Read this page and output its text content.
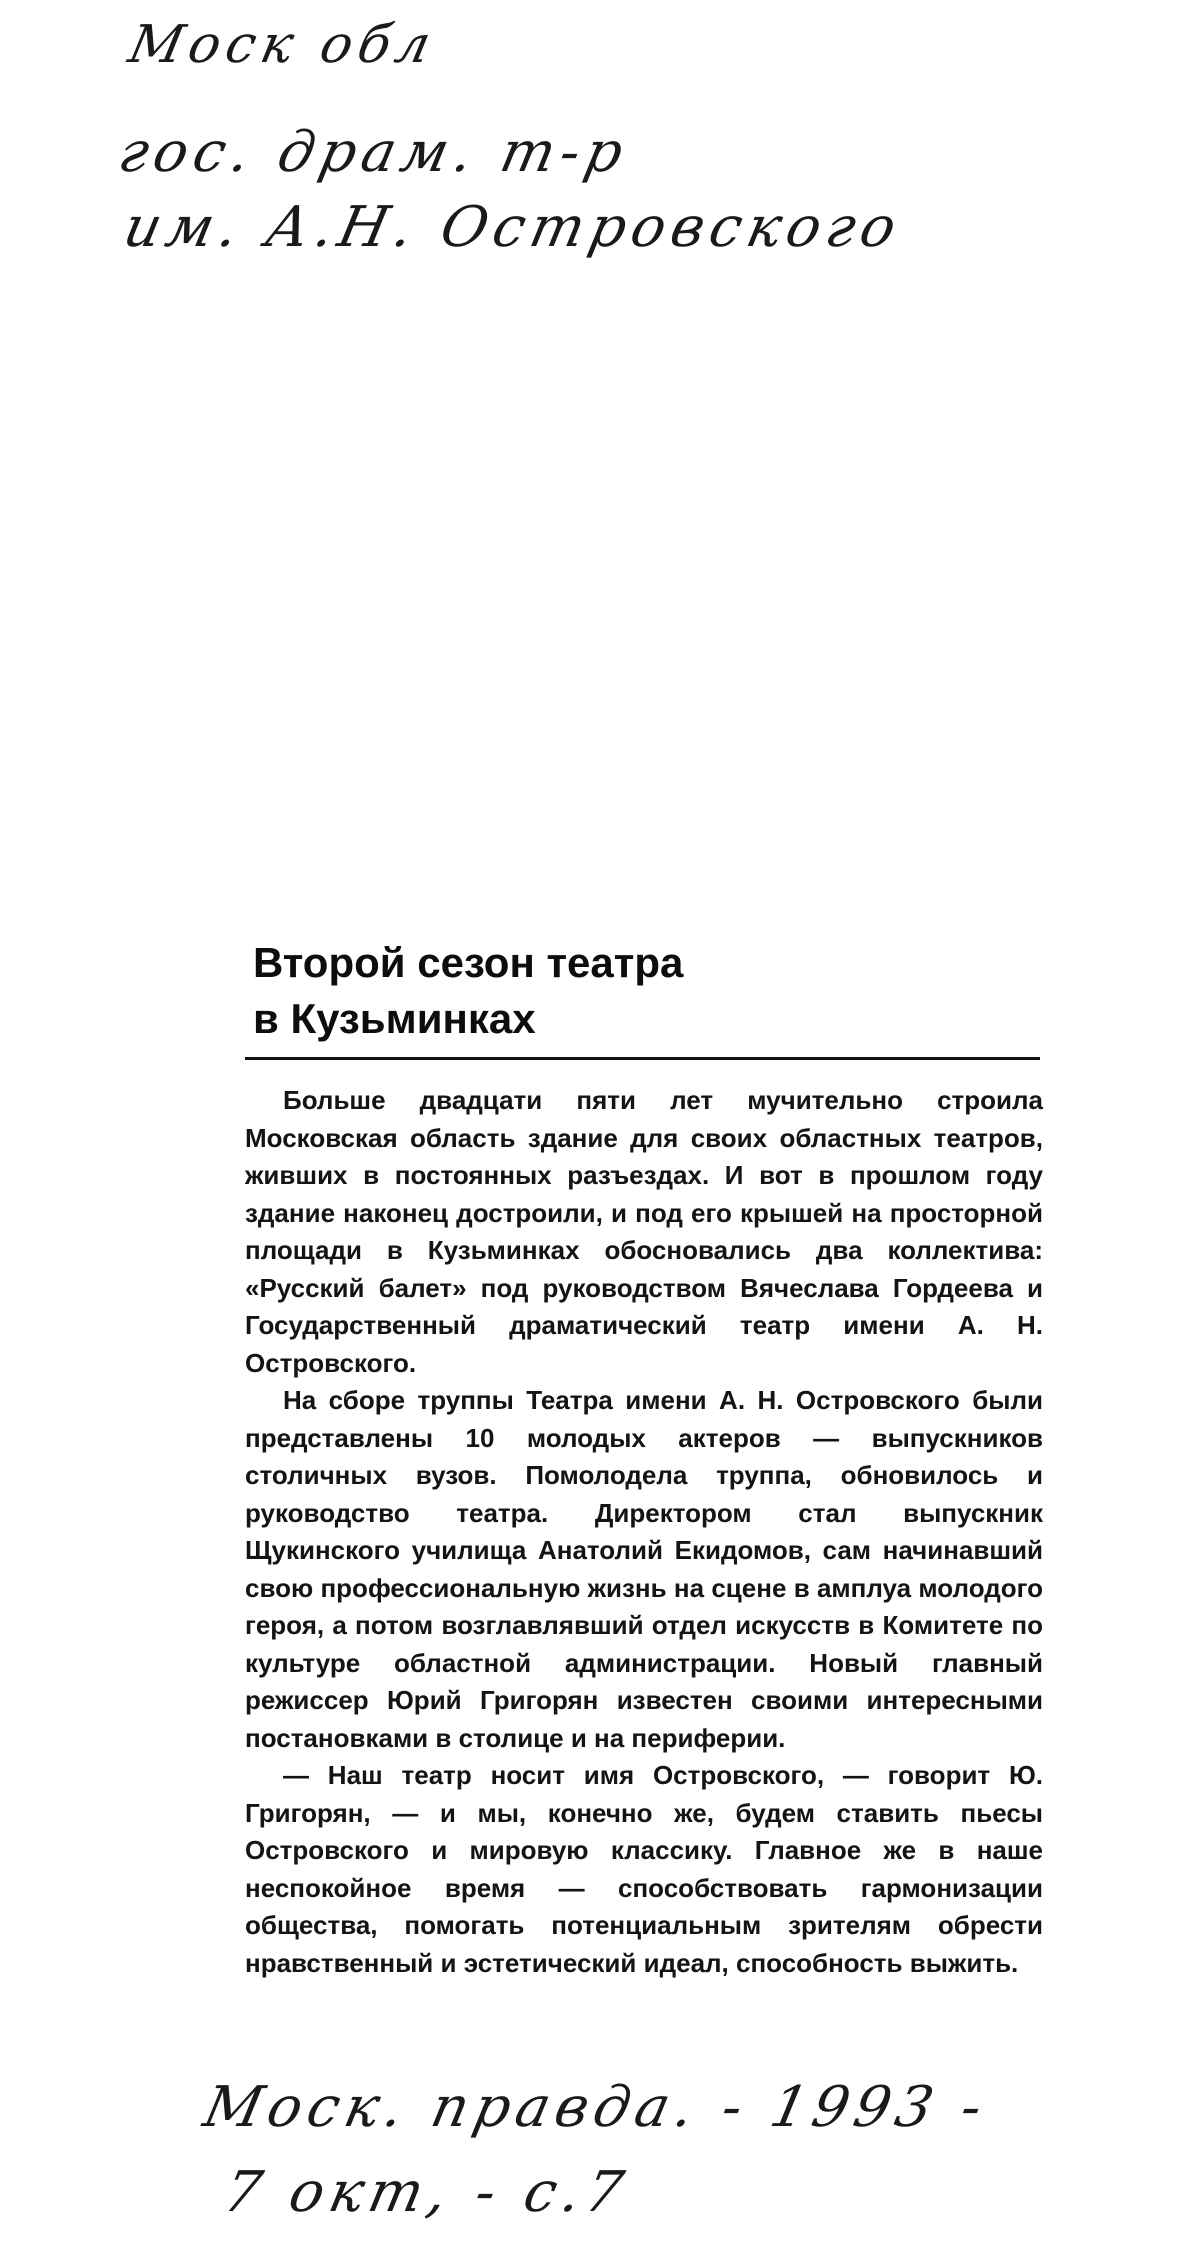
Моск обл
гос. драм. т-р
им. А.Н. Островского
Второй сезон театра
в Кузьминках

Больше двадцати пяти лет мучительно строила Московская область здание для своих областных театров, живших в постоянных разъездах. И вот в прошлом году здание наконец достроили, и под его крышей на просторной площади в Кузьминках обосновались два коллектива: «Русский балет» под руководством Вячеслава Гордеева и Государственный драматический театр имени А. Н. Островского.

На сборе труппы Театра имени А. Н. Островского были представлены 10 молодых актеров — выпускников столичных вузов. Помолодела труппа, обновилось и руководство театра. Директором стал выпускник Щукинского училища Анатолий Екидомов, сам начинавший свою профессиональную жизнь на сцене в амплуа молодого героя, а потом возглавлявший отдел искусств в Комитете по культуре областной администрации. Новый главный режиссер Юрий Григорян известен своими интересными постановками в столице и на периферии.

— Наш театр носит имя Островского, — говорит Ю. Григорян, — и мы, конечно же, будем ставить пьесы Островского и мировую классику. Главное же в наше неспокойное время — способствовать гармонизации общества, помогать потенциальным зрителям обрести нравственный и эстетический идеал, способность выжить.

Моск. правда. - 1993 -
7 окт, - с.7
